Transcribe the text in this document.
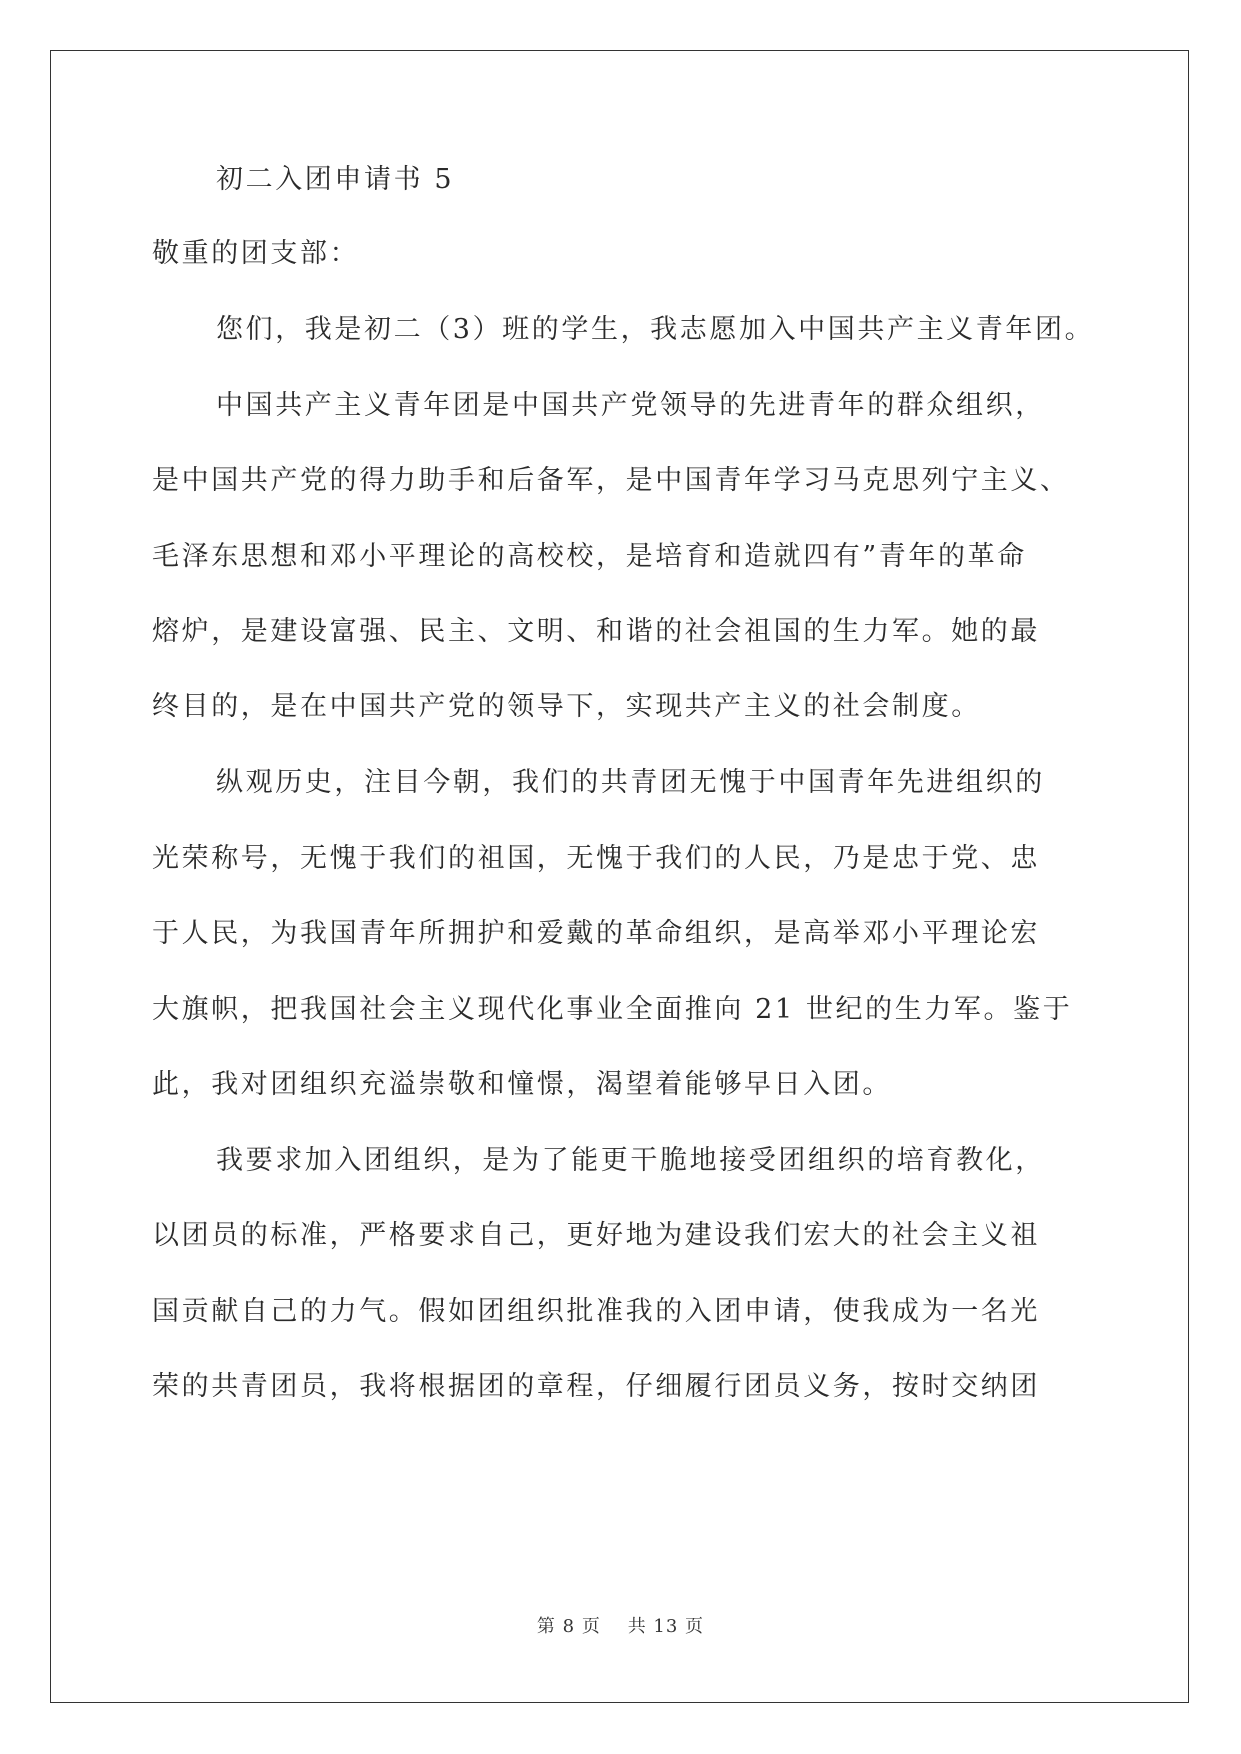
初二入团申请书 5
敬重的团支部：
您们，我是初二（3）班的学生，我志愿加入中国共产主义青年团。
中国共产主义青年团是中国共产党领导的先进青年的群众组织，
是中国共产党的得力助手和后备军，是中国青年学习马克思列宁主义、
毛泽东思想和邓小平理论的高校校，是培育和造就四有”青年的革命
熔炉，是建设富强、民主、文明、和谐的社会祖国的生力军。她的最
终目的，是在中国共产党的领导下，实现共产主义的社会制度。
纵观历史，注目今朝，我们的共青团无愧于中国青年先进组织的
光荣称号，无愧于我们的祖国，无愧于我们的人民，乃是忠于党、忠
于人民，为我国青年所拥护和爱戴的革命组织，是高举邓小平理论宏
大旗帜，把我国社会主义现代化事业全面推向 21 世纪的生力军。鉴于
此，我对团组织充溢崇敬和憧憬，渴望着能够早日入团。
我要求加入团组织，是为了能更干脆地接受团组织的培育教化，
以团员的标准，严格要求自己，更好地为建设我们宏大的社会主义祖
国贡献自己的力气。假如团组织批准我的入团申请，使我成为一名光
荣的共青团员，我将根据团的章程，仔细履行团员义务，按时交纳团
第 8 页    共 13 页
